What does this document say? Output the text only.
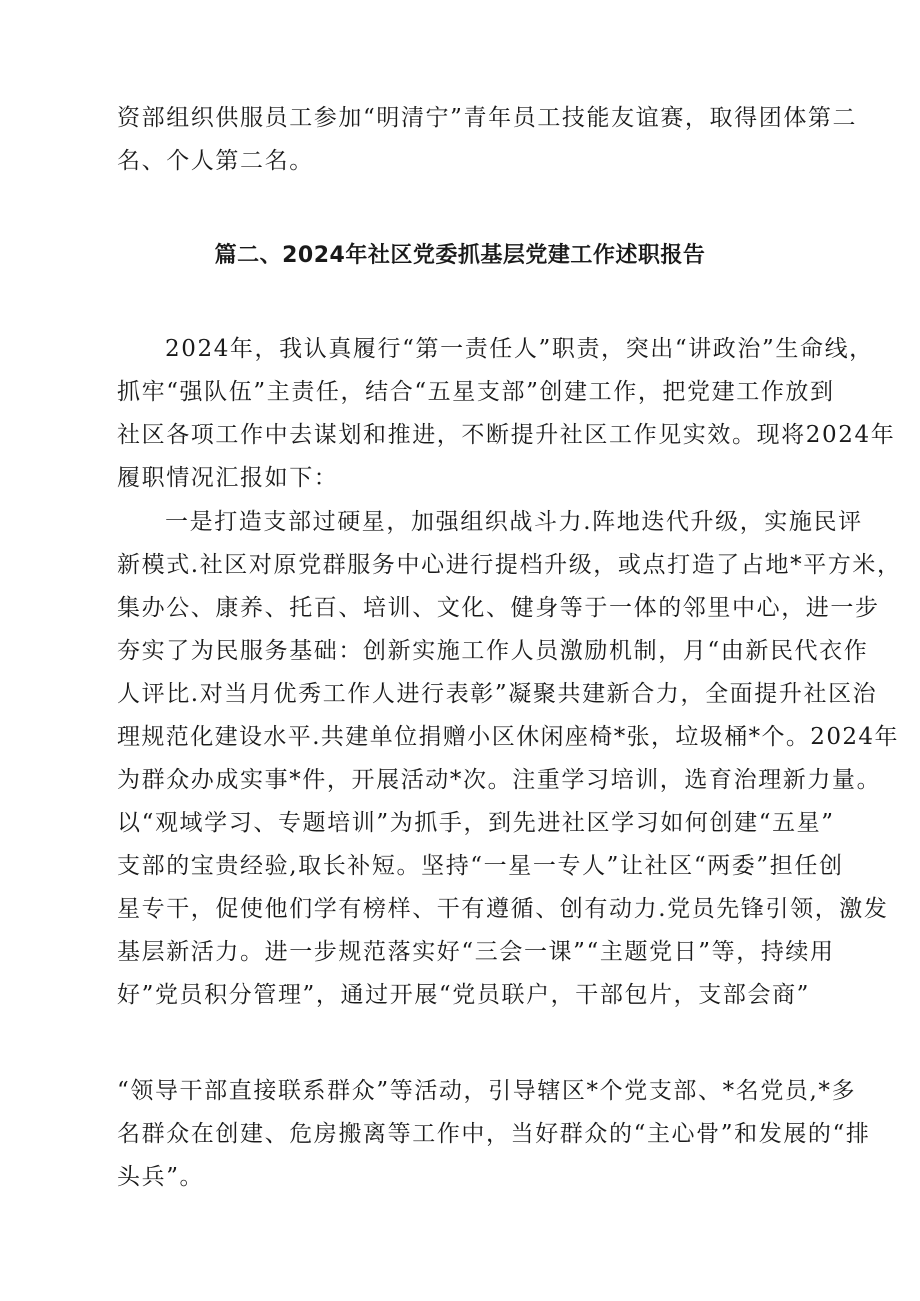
资部组织供服员工参加“明清宁”青年员工技能友谊赛，取得团体第二
名、个人第二名。
篇二、2024年社区党委抓基层党建工作述职报告
2024年，我认真履行“第一责任人”职责，突出“讲政治”生命线，
抓牢“强队伍”主责任，结合“五星支部”创建工作，把党建工作放到
社区各项工作中去谋划和推进，不断提升社区工作见实效。现将2024年
履职情况汇报如下：
一是打造支部过硬星，加强组织战斗力.阵地迭代升级，实施民评
新模式.社区对原党群服务中心进行提档升级，或点打造了占地*平方米，
集办公、康养、托百、培训、文化、健身等于一体的邻里中心，进一步
夯实了为民服务基础：创新实施工作人员激励机制，月“由新民代衣作
人评比.对当月优秀工作人进行表彰”凝聚共建新合力，全面提升社区治
理规范化建设水平.共建单位捐赠小区休闲座椅*张，垃圾桶*个。2024年
为群众办成实事*件，开展活动*次。注重学习培训，选育治理新力量。
以“观域学习、专题培训”为抓手，到先进社区学习如何创建“五星”
支部的宝贵经验,取长补短。坚持“一星一专人”让社区“两委”担任创
星专干，促使他们学有榜样、干有遵循、创有动力.党员先锋引领，激发
基层新活力。进一步规范落实好“三会一课”“主题党日”等，持续用
好”党员积分管理”，通过开展“党员联户，干部包片，支部会商”
“领导干部直接联系群众”等活动，引导辖区*个党支部、*名党员,*多
名群众在创建、危房搬离等工作中，当好群众的“主心骨”和发展的“排
头兵”。
